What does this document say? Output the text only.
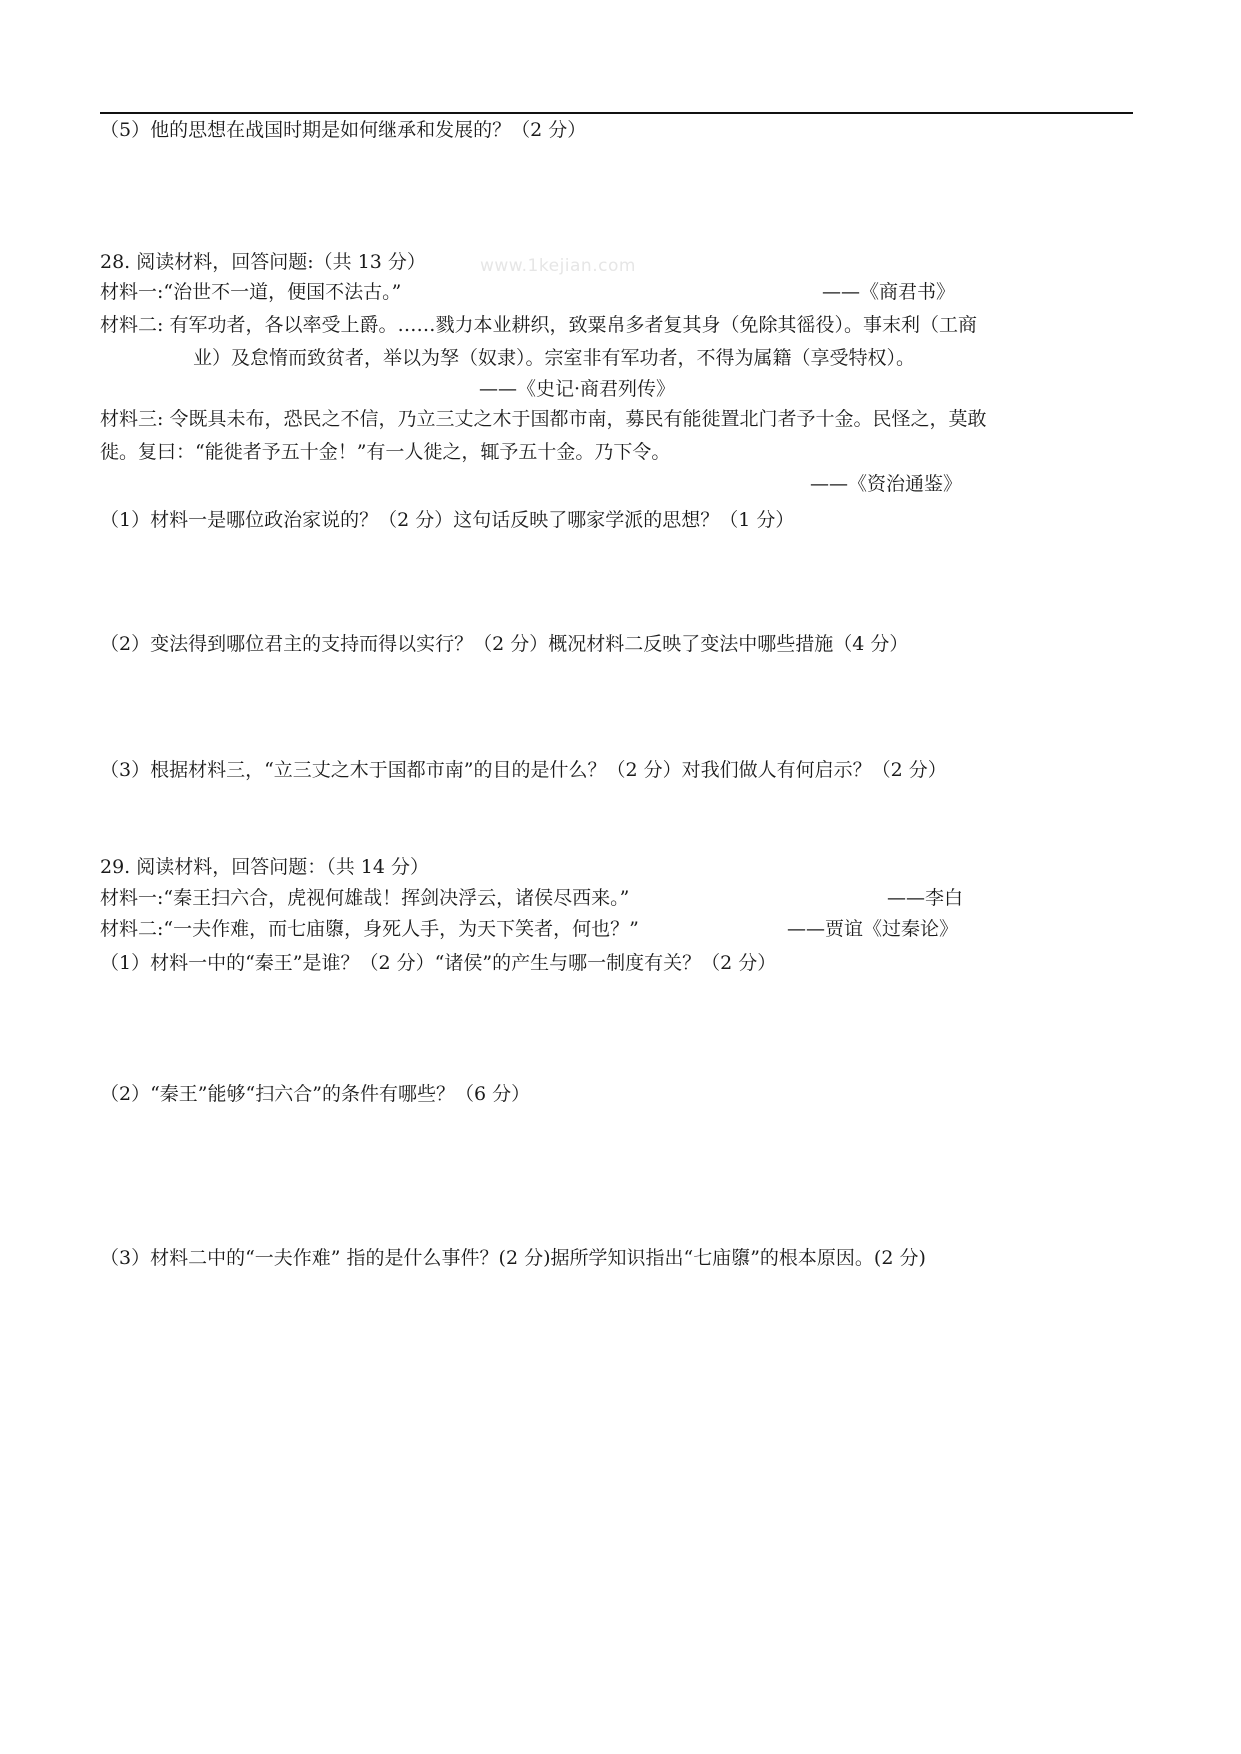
（5）他的思想在战国时期是如何继承和发展的？（2 分）
28. 阅读材料，回答问题:（共 13 分）	www.1kejian.com
材料一:“治世不一道，便国不法古。”	——《商君书》
材料二: 有军功者，各以率受上爵。……戮力本业耕织，致粟帛多者复其身（免除其徭役）。事末利（工商
业）及怠惰而致贫者，举以为孥（奴隶）。宗室非有军功者，不得为属籍（享受特权）。
——《史记·商君列传》
材料三: 令既具未布，恐民之不信，乃立三丈之木于国都市南，募民有能徙置北门者予十金。民怪之，莫敢
徙。复曰：“能徙者予五十金！”有一人徙之，辄予五十金。乃下令。
——《资治通鉴》
（1）材料一是哪位政治家说的？（2 分）这句话反映了哪家学派的思想？（1 分）
（2）变法得到哪位君主的支持而得以实行？（2 分）概况材料二反映了变法中哪些措施（4 分）
（3）根据材料三，“立三丈之木于国都市南”的目的是什么？（2 分）对我们做人有何启示？（2 分）
29. 阅读材料，回答问题：（共 14 分）
材料一:“秦王扫六合，虎视何雄哉！挥剑决浮云，诸侯尽西来。”	——李白
材料二:“一夫作难，而七庙隳，身死人手，为天下笑者，何也？”	——贾谊《过秦论》
（1）材料一中的“秦王”是谁？（2 分）“诸侯”的产生与哪一制度有关？（2 分）
（2）“秦王”能够“扫六合”的条件有哪些？（6 分）
（3）材料二中的“一夫作难” 指的是什么事件？(2 分)据所学知识指出“七庙隳”的根本原因。(2 分)
